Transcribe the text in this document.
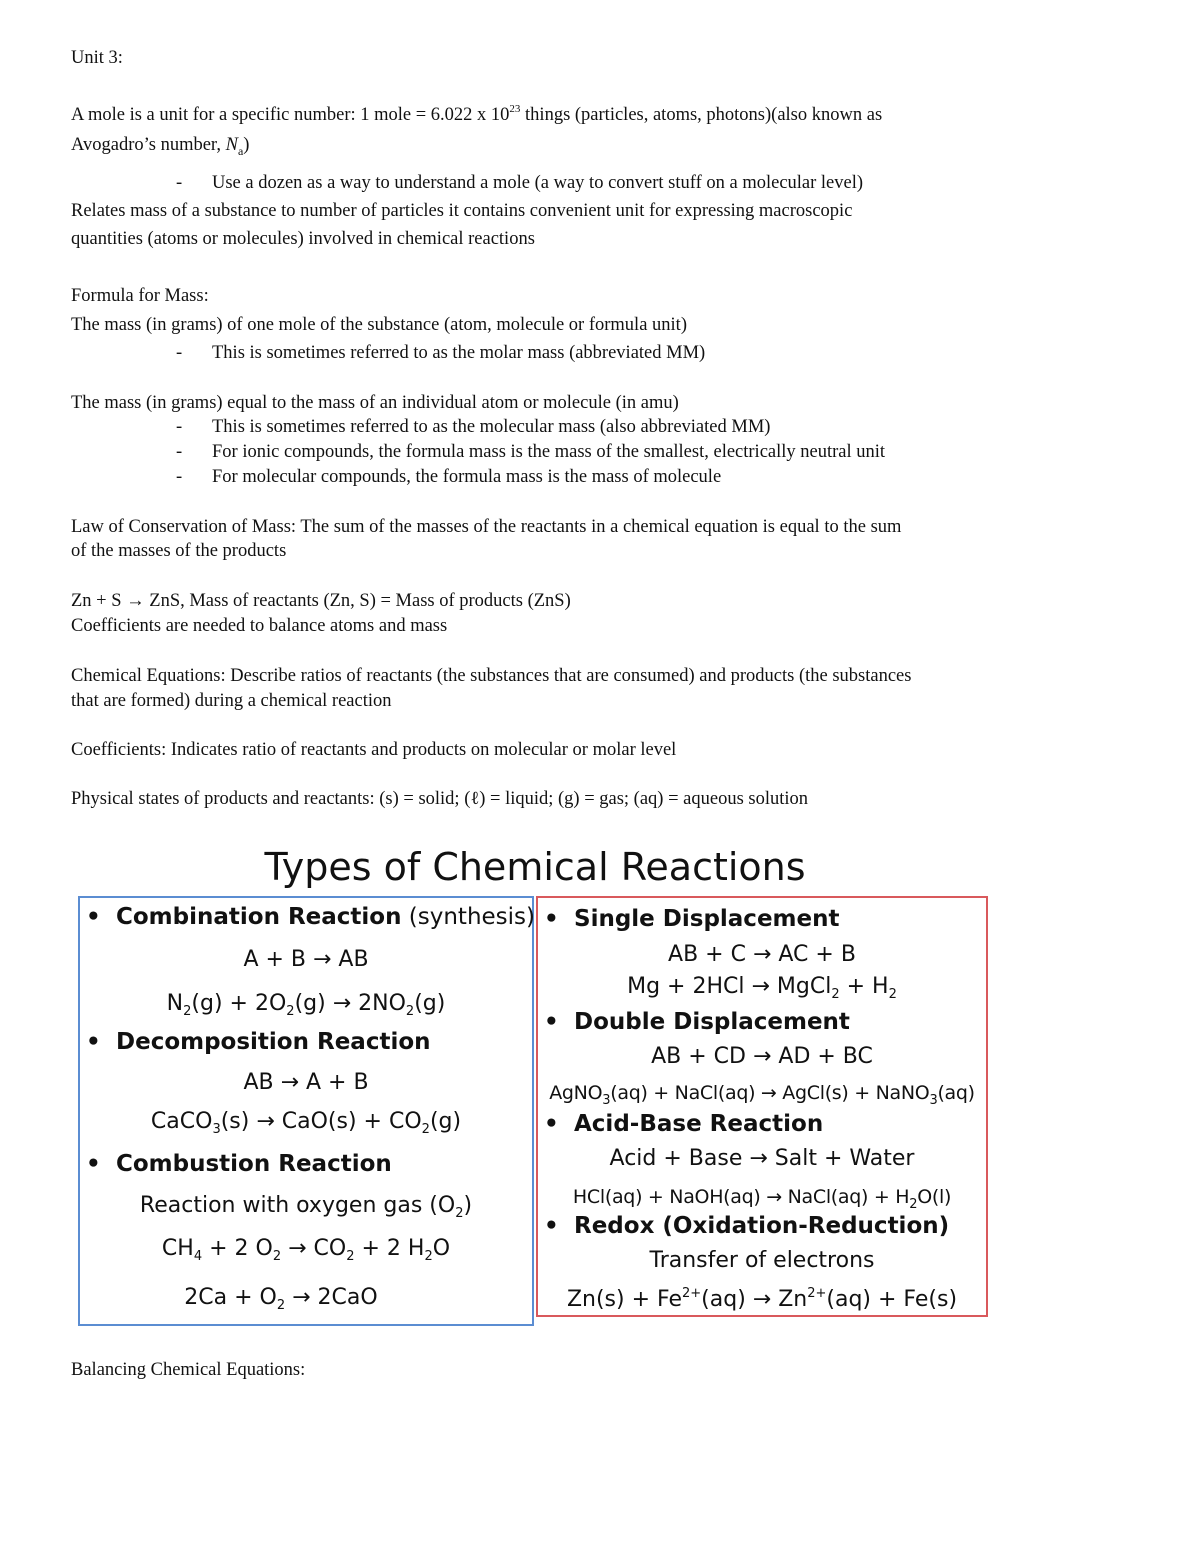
Unit 3:
A mole is a unit for a specific number: 1 mole = 6.022 x $10^{23}$ things (particles, atoms, photons)(also known as
Avogadro’s number, $N_a$)
- Use a dozen as a way to understand a mole (a way to convert stuff on a molecular level)
Relates mass of a substance to number of particles it contains convenient unit for expressing macroscopic
quantities (atoms or molecules) involved in chemical reactions
Formula for Mass:
The mass (in grams) of one mole of the substance (atom, molecule or formula unit)
- This is sometimes referred to as the molar mass (abbreviated MM)
The mass (in grams) equal to the mass of an individual atom or molecule (in amu)
- This is sometimes referred to as the molecular mass (also abbreviated MM)
- For ionic compounds, the formula mass is the mass of the smallest, electrically neutral unit
- For molecular compounds, the formula mass is the mass of molecule
Law of Conservation of Mass: The sum of the masses of the reactants in a chemical equation is equal to the sum
of the masses of the products
Zn + S → ZnS, Mass of reactants (Zn, S) = Mass of products (ZnS)
Coefficients are needed to balance atoms and mass
Chemical Equations: Describe ratios of reactants (the substances that are consumed) and products (the substances
that are formed) during a chemical reaction
Coefficients: Indicates ratio of reactants and products on molecular or molar level
Physical states of products and reactants: (s) = solid; (ℓ) = liquid; (g) = gas; (aq) = aqueous solution
Types of Chemical Reactions
• Combination Reaction (synthesis)
A + B → AB
$N_2(g) + 2O_2(g) \to 2NO_2(g)$
• Decomposition Reaction
AB → A + B
CaCO$_3$(s) → $CaO(s) + CO_2(g)$
• Combustion Reaction
Reaction with oxygen gas $(O_2)$
$CH_4 + 2$ $O_2 \to CO_2 + 2$ $H_2O$
$2Ca + O_2 \to 2CaO$
• Single Displacement
AB + C → AC + B
Mg + 2HCl → MgCl$_2$ + $H_2$
• Double Displacement
AB + CD → AD + BC
AgNO$_3$(aq) + NaCl(aq) → AgCl(s) + NaNO$_3$(aq)
• Acid-Base Reaction
Acid + Base → Salt + Water
HCl(aq) + NaOH(aq) → NaCl(aq) + $H_2O(l)$
• Redox (Oxidation-Reduction)
Transfer of electrons
$Zn(s) + Fe^{2+}(aq) \to Zn^{2+}(aq) + Fe(s)$
Balancing Chemical Equations:
